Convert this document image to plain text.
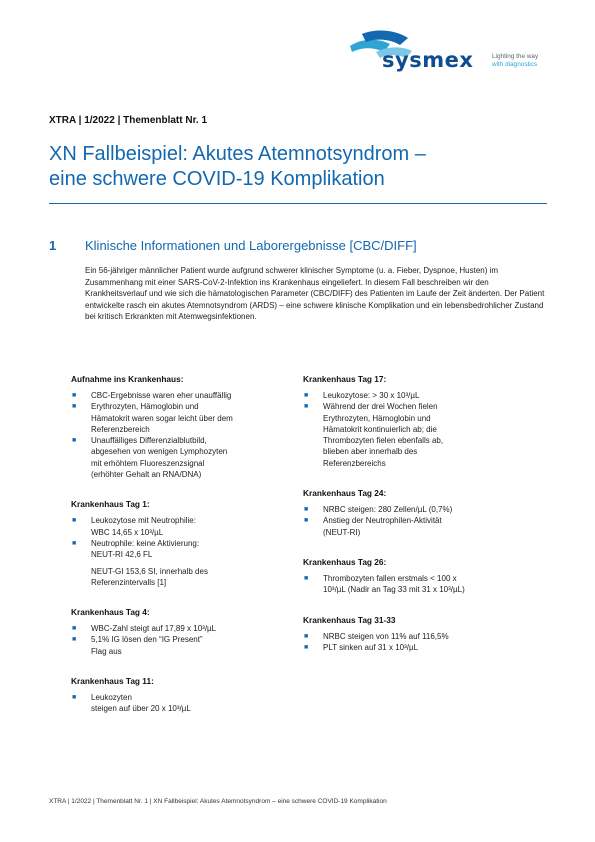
sysmex	Lighting the way
with diagnostics
XTRA | 1/2022 | Themenblatt Nr. 1
XN Fallbeispiel: Akutes Atemnotsyndrom –
eine schwere COVID-19 Komplikation
1 Klinische Informationen und Laborergebnisse [CBC/DIFF]

Ein 56-jähriger männlicher Patient wurde aufgrund schwerer klinischer Symptome (u. a. Fieber, Dyspnoe, Husten) im Zusammenhang mit einer SARS-CoV-2-Infektion ins Krankenhaus eingeliefert. In diesem Fall beschreiben wir den Krankheitsverlauf und wie sich die hämatologischen Parameter (CBC/DIFF) des Patienten im Laufe der Zeit änderten. Der Patient entwickelte rasch ein akutes Atemnotsyndrom (ARDS) – eine schwere klinische Komplikation und ein lebensbedrohlicher Zustand bei kritisch Erkrankten mit Atemwegsinfektionen.

Aufnahme ins Krankenhaus:
■ CBC-Ergebnisse waren eher unauffällig
■ Erythrozyten, Hämoglobin und
Hämatokrit waren sogar leicht über dem
Referenzbereich
■ Unauffälliges Differenzialblutbild,
abgesehen von wenigen Lymphozyten
mit erhöhtem Fluoreszenzsignal
(erhöhter Gehalt an RNA/DNA)
Krankenhaus Tag 1:
■ Leukozytose mit Neutrophilie:
WBC 14,65 x 10³/µL
■ Neutrophile: keine Aktivierung:
NEUT-RI 42,6 FL
NEUT-GI 153,6 SI, innerhalb des
Referenzintervalls [1]
Krankenhaus Tag 4:
■ WBC-Zahl steigt auf 17,89 x 10³/µL
■ 5,1% IG lösen den “IG Present”
Flag aus
Krankenhaus Tag 11:
■ Leukozyten
steigen auf über 20 x 10³/µL
Krankenhaus Tag 17:
■ Leukozytose: > 30 x 10³/µL
■ Während der drei Wochen fielen
Erythrozyten, Hämoglobin und
Hämatokrit kontinuierlich ab; die
Thrombozyten fielen ebenfalls ab,
blieben aber innerhalb des
Referenzbereichs
Krankenhaus Tag 24:
■ NRBC steigen: 280 Zellen/µL (0,7%)
■ Anstieg der Neutrophilen-Aktivität
(NEUT-RI)
Krankenhaus Tag 26:
■ Thrombozyten fallen erstmals < 100 x
10³/µL (Nadir an Tag 33 mit 31 x 10³/µL)
Krankenhaus Tag 31-33
■ NRBC steigen von 11% auf 116,5%
■ PLT sinken auf 31 x 10³/µL
XTRA | 1/2022 | Themenblatt Nr. 1 | XN Fallbeispiel: Akutes Atemnotsyndrom – eine schwere COVID-19 Komplikation
